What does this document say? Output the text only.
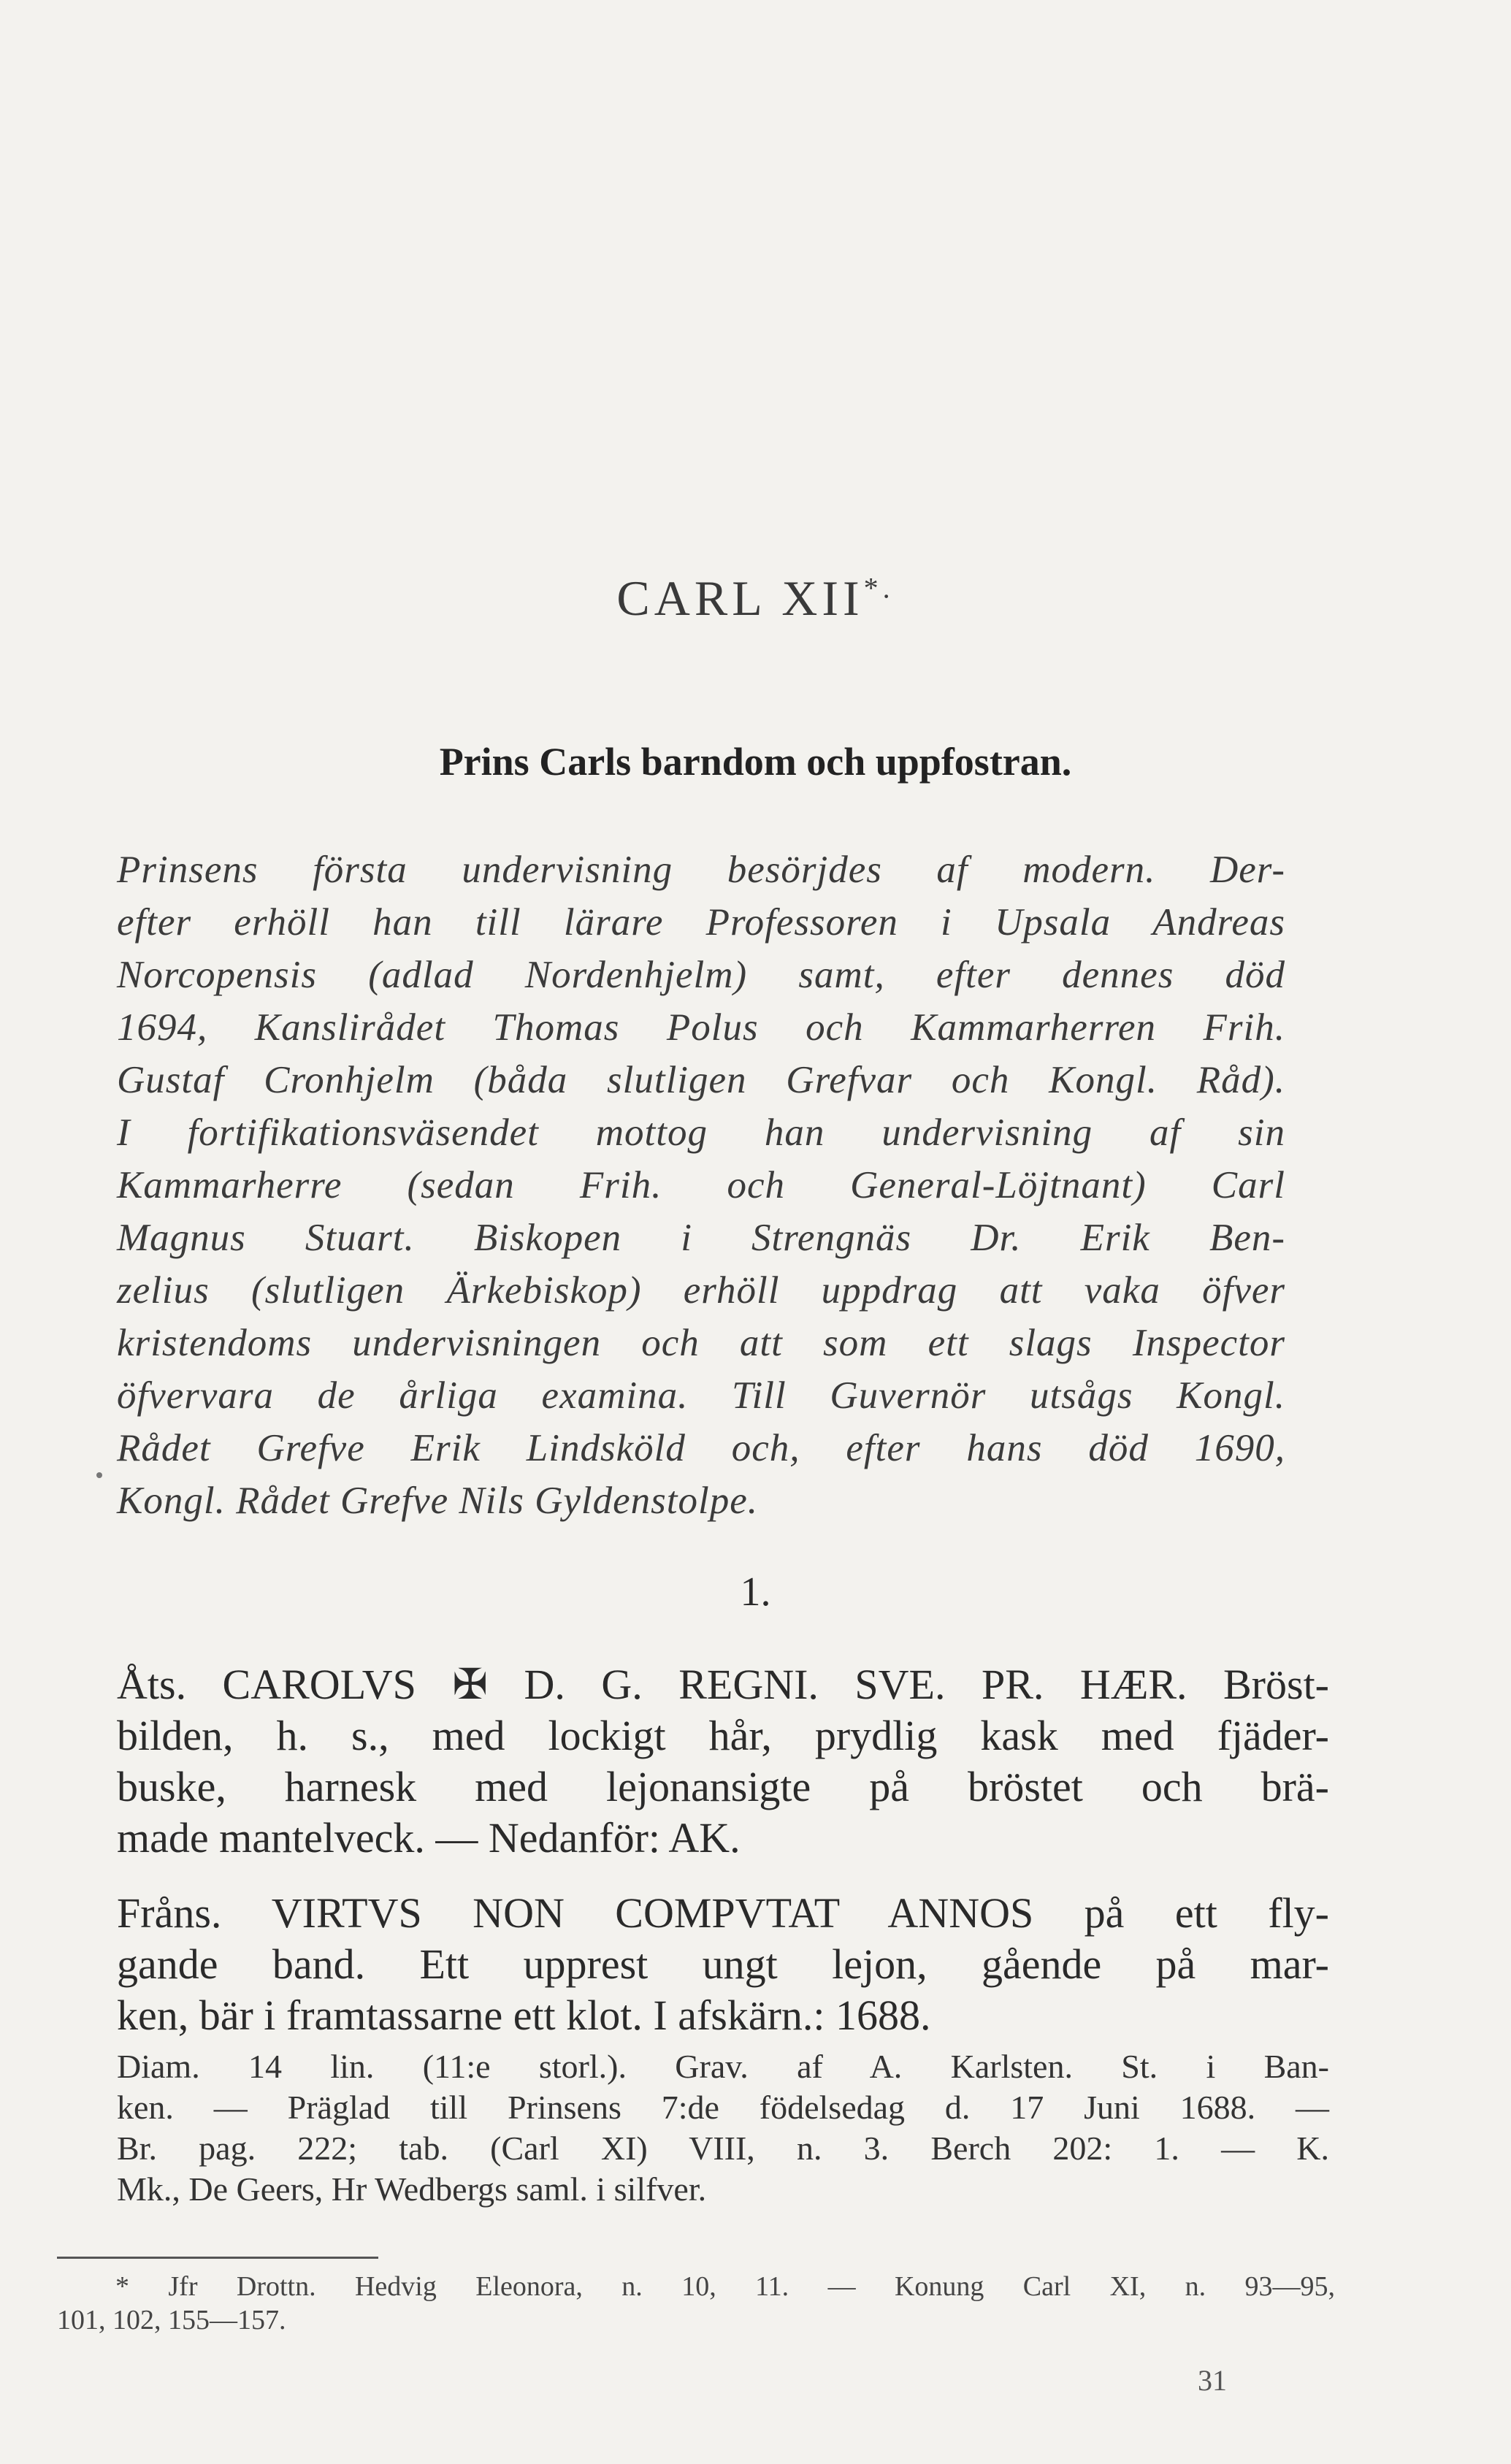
CARL XII*.
Prins Carls barndom och uppfostran.
Prinsens första undervisning besörjdes af modern. Der-
efter erhöll han till lärare Professoren i Upsala Andreas
Norcopensis (adlad Nordenhjelm) samt, efter dennes död
1694, Kanslirådet Thomas Polus och Kammarherren Frih.
Gustaf Cronhjelm (båda slutligen Grefvar och Kongl. Råd).
I fortifikationsväsendet mottog han undervisning af sin
Kammarherre (sedan Frih. och General-Löjtnant) Carl
Magnus Stuart. Biskopen i Strengnäs Dr. Erik Ben-
zelius (slutligen Ärkebiskop) erhöll uppdrag att vaka öfver
kristendoms undervisningen och att som ett slags Inspector
öfvervara de årliga examina. Till Guvernör utsågs Kongl.
Rådet Grefve Erik Lindsköld och, efter hans död 1690,
Kongl. Rådet Grefve Nils Gyldenstolpe.
1.
Åts. CAROLVS ✠ D. G. REGNI. SVE. PR. HÆR. Bröst-
bilden, h. s., med lockigt hår, prydlig kask med fjäder-
buske, harnesk med lejonansigte på bröstet och brä-
made mantelveck. — Nedanför: AK.
Fråns. VIRTVS NON COMPVTAT ANNOS på ett fly-
gande band. Ett upprest ungt lejon, gående på mar-
ken, bär i framtassarne ett klot. I afskärn.: 1688.
Diam. 14 lin. (11:e storl.). Grav. af A. Karlsten. St. i Ban-
ken. — Präglad till Prinsens 7:de födelsedag d. 17 Juni 1688. —
Br. pag. 222; tab. (Carl XI) VIII, n. 3. Berch 202: 1. — K.
Mk., De Geers, Hr Wedbergs saml. i silfver.
* Jfr Drottn. Hedvig Eleonora, n. 10, 11. — Konung Carl XI, n. 93—95,
101, 102, 155—157.
31
